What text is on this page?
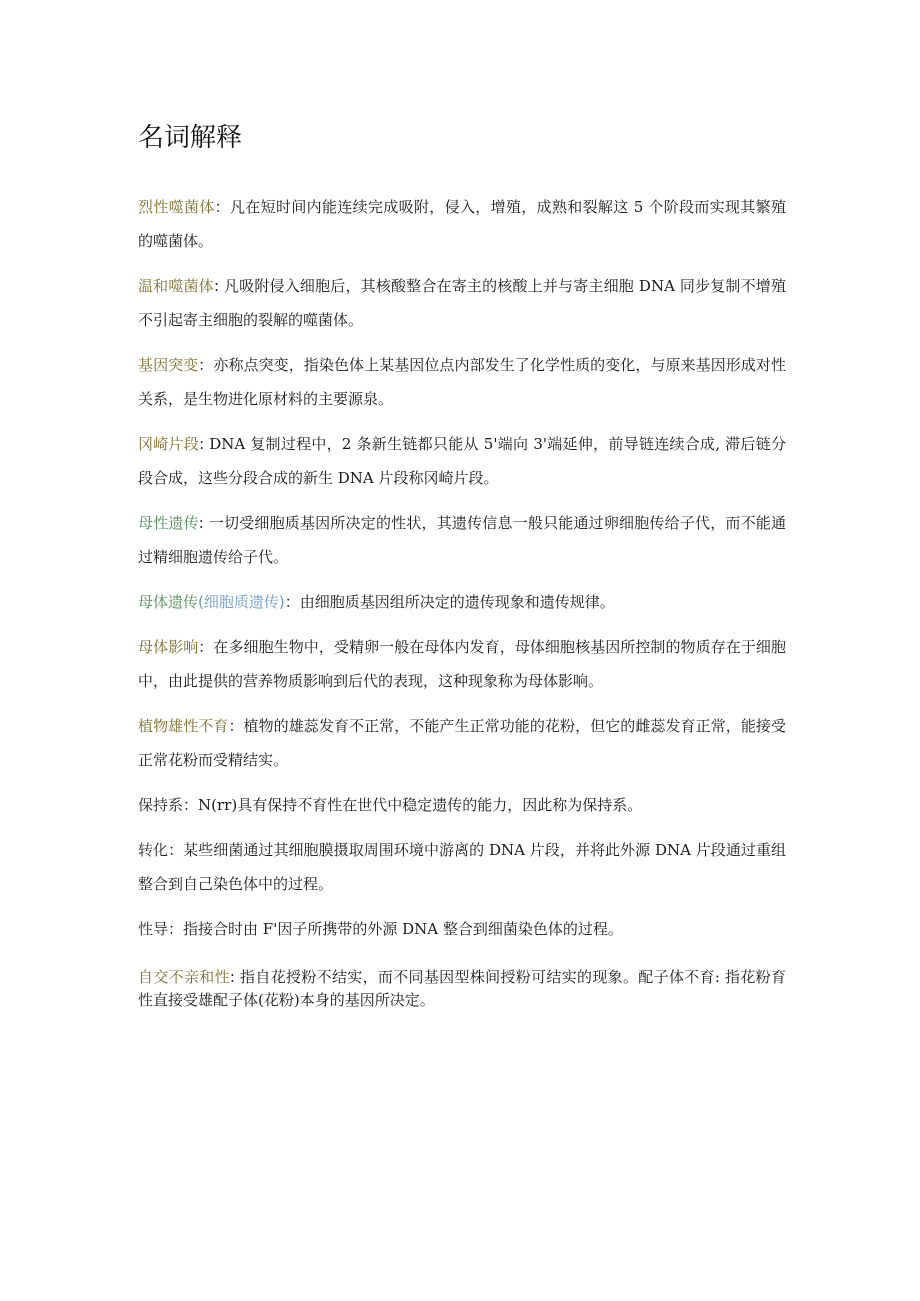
名词解释

烈性噬菌体：凡在短时间内能连续完成吸附，侵入，增殖，成熟和裂解这 5 个阶段而实现其繁殖的噬菌体。

温和噬菌体: 凡吸附侵入细胞后，其核酸整合在寄主的核酸上并与寄主细胞 DNA 同步复制不增殖不引起寄主细胞的裂解的噬菌体。

基因突变：亦称点突变，指染色体上某基因位点内部发生了化学性质的变化，与原来基因形成对性关系，是生物进化原材料的主要源泉。

冈崎片段: DNA 复制过程中，2 条新生链都只能从 5'端向 3'端延伸，前导链连续合成, 滞后链分段合成，这些分段合成的新生 DNA 片段称冈崎片段。

母性遗传: 一切受细胞质基因所决定的性状，其遗传信息一般只能通过卵细胞传给子代，而不能通过精细胞遗传给子代。

母体遗传(细胞质遗传)：由细胞质基因组所决定的遗传现象和遗传规律。

母体影响：在多细胞生物中，受精卵一般在母体内发育，母体细胞核基因所控制的物质存在于细胞中，由此提供的营养物质影响到后代的表现，这种现象称为母体影响。

植物雄性不育：植物的雄蕊发育不正常，不能产生正常功能的花粉，但它的雌蕊发育正常，能接受正常花粉而受精结实。

保持系：N(rr)具有保持不育性在世代中稳定遗传的能力，因此称为保持系。

转化：某些细菌通过其细胞膜摄取周围环境中游离的 DNA 片段，并将此外源 DNA 片段通过重组整合到自己染色体中的过程。

性导：指接合时由 F'因子所携带的外源 DNA 整合到细菌染色体的过程。

自交不亲和性: 指自花授粉不结实，而不同基因型株间授粉可结实的现象。配子体不育: 指花粉育性直接受雄配子体(花粉)本身的基因所决定。
